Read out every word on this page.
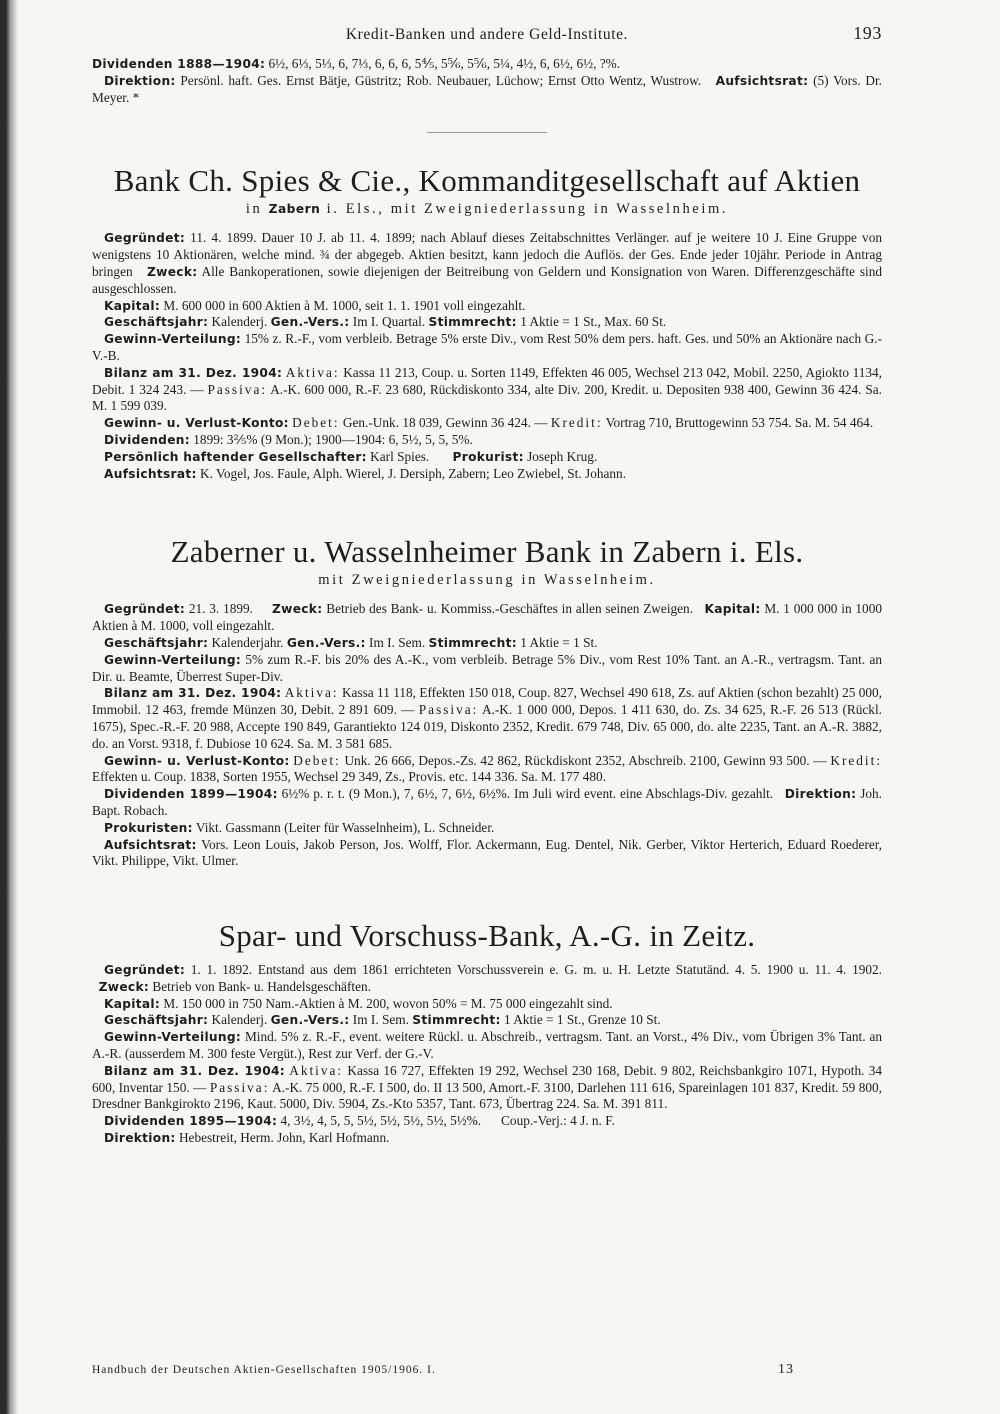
Kredit-Banken und andere Geld-Institute.	193

Dividenden 1888—1904: 6½, 6⅓, 5⅓, 6, 7⅓, 6, 6, 6, 5⅘, 5⅚, 5⅚, 5¼, 4½, 6, 6½, 6½, ?%.

Direktion: Persönl. haft. Ges. Ernst Bätje, Güstritz; Rob. Neubauer, Lüchow; Ernst Otto Wentz, Wustrow. Aufsichtsrat: (5) Vors. Dr. Meyer. *

Bank Ch. Spies & Cie., Kommanditgesellschaft auf Aktien
in Zabern i. Els., mit Zweigniederlassung in Wasselnheim.

Gegründet: 11. 4. 1899. Dauer 10 J. ab 11. 4. 1899; nach Ablauf dieses Zeitabschnittes Verlänger. auf je weitere 10 J. Eine Gruppe von wenigstens 10 Aktionären, welche mind. ¾ der abgegeb. Aktien besitzt, kann jedoch die Auflös. der Ges. Ende jeder 10jähr. Periode in Antrag bringen Zweck: Alle Bankoperationen, sowie diejenigen der Beitreibung von Geldern und Konsignation von Waren. Differenzgeschäfte sind ausgeschlossen.

Kapital: M. 600 000 in 600 Aktien à M. 1000, seit 1. 1. 1901 voll eingezahlt.

Geschäftsjahr: Kalenderj. Gen.-Vers.: Im I. Quartal. Stimmrecht: 1 Aktie = 1 St., Max. 60 St.

Gewinn-Verteilung: 15% z. R.-F., vom verbleib. Betrage 5% erste Div., vom Rest 50% dem pers. haft. Ges. und 50% an Aktionäre nach G.-V.-B.

Bilanz am 31. Dez. 1904: Aktiva: Kassa 11 213, Coup. u. Sorten 1149, Effekten 46 005, Wechsel 213 042, Mobil. 2250, Agiokto 1134, Debit. 1 324 243. — Passiva: A.-K. 600 000, R.-F. 23 680, Rückdiskonto 334, alte Div. 200, Kredit. u. Depositen 938 400, Gewinn 36 424. Sa. M. 1 599 039.

Gewinn- u. Verlust-Konto: Debet: Gen.-Unk. 18 039, Gewinn 36 424. — Kredit: Vortrag 710, Bruttogewinn 53 754. Sa. M. 54 464.

Dividenden: 1899: 3⅖% (9 Mon.); 1900—1904: 6, 5½, 5, 5, 5%.

Persönlich haftender Gesellschafter: Karl Spies. Prokurist: Joseph Krug.

Aufsichtsrat: K. Vogel, Jos. Faule, Alph. Wierel, J. Dersiph, Zabern; Leo Zwiebel, St. Johann.

Zaberner u. Wasselnheimer Bank in Zabern i. Els.
mit Zweigniederlassung in Wasselnheim.

Gegründet: 21. 3. 1899. Zweck: Betrieb des Bank- u. Kommiss.-Geschäftes in allen seinen Zweigen. Kapital: M. 1 000 000 in 1000 Aktien à M. 1000, voll eingezahlt.

Geschäftsjahr: Kalenderjahr. Gen.-Vers.: Im I. Sem. Stimmrecht: 1 Aktie = 1 St.

Gewinn-Verteilung: 5% zum R.-F. bis 20% des A.-K., vom verbleib. Betrage 5% Div., vom Rest 10% Tant. an A.-R., vertragsm. Tant. an Dir. u. Beamte, Überrest Super-Div.

Bilanz am 31. Dez. 1904: Aktiva: Kassa 11 118, Effekten 150 018, Coup. 827, Wechsel 490 618, Zs. auf Aktien (schon bezahlt) 25 000, Immobil. 12 463, fremde Münzen 30, Debit. 2 891 609. — Passiva: A.-K. 1 000 000, Depos. 1 411 630, do. Zs. 34 625, R.-F. 26 513 (Rückl. 1675), Spec.-R.-F. 20 988, Accepte 190 849, Garantiekto 124 019, Diskonto 2352, Kredit. 679 748, Div. 65 000, do. alte 2235, Tant. an A.-R. 3882, do. an Vorst. 9318, f. Dubiose 10 624. Sa. M. 3 581 685.

Gewinn- u. Verlust-Konto: Debet: Unk. 26 666, Depos.-Zs. 42 862, Rückdiskont 2352, Abschreib. 2100, Gewinn 93 500. — Kredit: Effekten u. Coup. 1838, Sorten 1955, Wechsel 29 349, Zs., Provis. etc. 144 336. Sa. M. 177 480.

Dividenden 1899—1904: 6½% p. r. t. (9 Mon.), 7, 6½, 7, 6½, 6½%. Im Juli wird event. eine Abschlags-Div. gezahlt. Direktion: Joh. Bapt. Robach.

Prokuristen: Vikt. Gassmann (Leiter für Wasselnheim), L. Schneider.

Aufsichtsrat: Vors. Leon Louis, Jakob Person, Jos. Wolff, Flor. Ackermann, Eug. Dentel, Nik. Gerber, Viktor Herterich, Eduard Roederer, Vikt. Philippe, Vikt. Ulmer.

Spar- und Vorschuss-Bank, A.-G. in Zeitz.

Gegründet: 1. 1. 1892. Entstand aus dem 1861 errichteten Vorschussverein e. G. m. u. H. Letzte Statutänd. 4. 5. 1900 u. 11. 4. 1902.   Zweck: Betrieb von Bank- u. Handelsgeschäften.

Kapital: M. 150 000 in 750 Nam.-Aktien à M. 200, wovon 50% = M. 75 000 eingezahlt sind.

Geschäftsjahr: Kalenderj. Gen.-Vers.: Im I. Sem. Stimmrecht: 1 Aktie = 1 St., Grenze 10 St.

Gewinn-Verteilung: Mind. 5% z. R.-F., event. weitere Rückl. u. Abschreib., vertragsm. Tant. an Vorst., 4% Div., vom Übrigen 3% Tant. an A.-R. (ausserdem M. 300 feste Vergüt.), Rest zur Verf. der G.-V.

Bilanz am 31. Dez. 1904: Aktiva: Kassa 16 727, Effekten 19 292, Wechsel 230 168, Debit. 9 802, Reichsbankgiro 1071, Hypoth. 34 600, Inventar 150. — Passiva: A.-K. 75 000, R.-F. I 500, do. II 13 500, Amort.-F. 3100, Darlehen 111 616, Spareinlagen 101 837, Kredit. 59 800, Dresdner Bankgirokto 2196, Kaut. 5000, Div. 5904, Zs.-Kto 5357, Tant. 673, Übertrag 224. Sa. M. 391 811.

Dividenden 1895—1904: 4, 3½, 4, 5, 5, 5½, 5½, 5½, 5½, 5½%. Coup.-Verj.: 4 J. n. F.

Direktion: Hebestreit, Herm. John, Karl Hofmann.

Handbuch der Deutschen Aktien-Gesellschaften 1905/1906. I.	13
